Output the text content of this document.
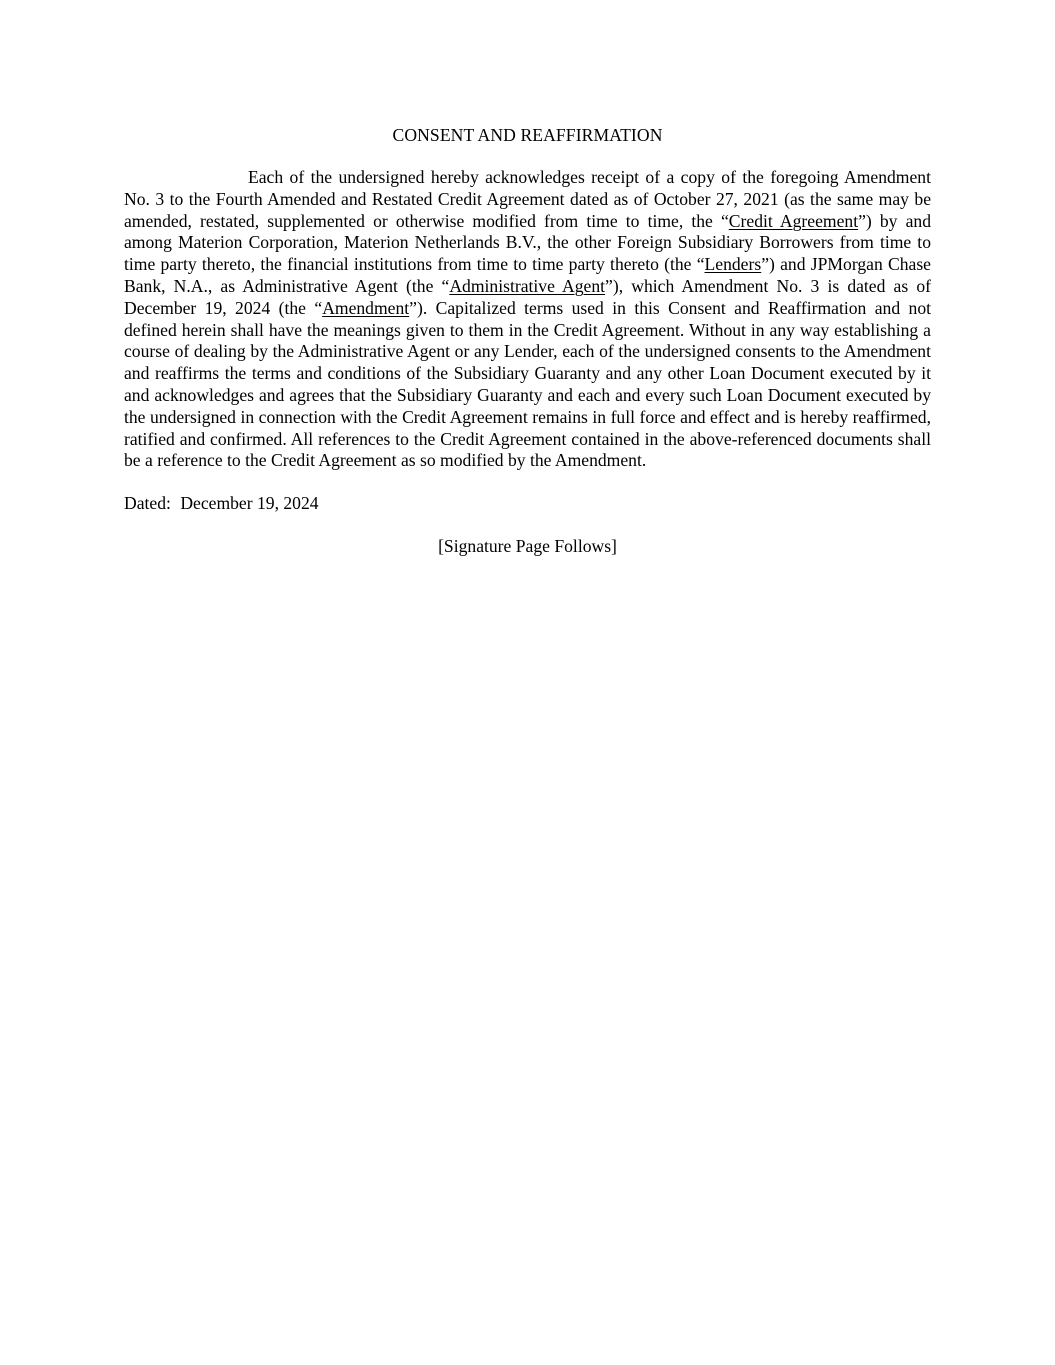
CONSENT AND REAFFIRMATION

Each of the undersigned hereby acknowledges receipt of a copy of the foregoing Amendment No. 3 to the Fourth Amended and Restated Credit Agreement dated as of October 27, 2021 (as the same may be amended, restated, supplemented or otherwise modified from time to time, the “Credit Agreement”) by and among Materion Corporation, Materion Netherlands B.V., the other Foreign Subsidiary Borrowers from time to time party thereto, the financial institutions from time to time party thereto (the “Lenders”) and JPMorgan Chase Bank, N.A., as Administrative Agent (the “Administrative Agent”), which Amendment No. 3 is dated as of December 19, 2024 (the “Amendment”). Capitalized terms used in this Consent and Reaffirmation and not defined herein shall have the meanings given to them in the Credit Agreement. Without in any way establishing a course of dealing by the Administrative Agent or any Lender, each of the undersigned consents to the Amendment and reaffirms the terms and conditions of the Subsidiary Guaranty and any other Loan Document executed by it and acknowledges and agrees that the Subsidiary Guaranty and each and every such Loan Document executed by the undersigned in connection with the Credit Agreement remains in full force and effect and is hereby reaffirmed, ratified and confirmed. All references to the Credit Agreement contained in the above-referenced documents shall be a reference to the Credit Agreement as so modified by the Amendment.

Dated: December 19, 2024

[Signature Page Follows]
